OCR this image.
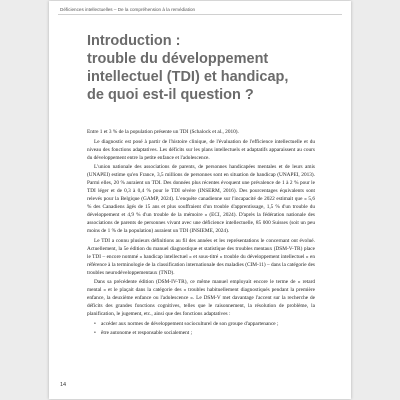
Déficiences intellectuelles – De la compréhension à la remédiation
Introduction :
trouble du développement
intellectuel (TDI) et handicap,
de quoi est-il question ?

Entre 1 et 3 % de la population présente un TDI (Schalock et al., 2010).

Le diagnostic est posé à partir de l'histoire clinique, de l'évaluation de l'efficience intellectuelle et du niveau des fonctions adaptatives. Les déficits sur les plans intellectuels et adaptatifs apparaissent au cours du développement entre la petite enfance et l'adolescence.

L'union nationale des associations de parents, de personnes handicapées mentales et de leurs amis (UNAPEI) estime qu'en France, 3,5 millions de personnes sont en situation de handicap (UNAPEI, 2013). Parmi elles, 20 % auraient un TDI. Des données plus récentes évoquent une prévalence de 1 à 2 % pour le TDI léger et de 0,3 à 0,4 % pour le TDI sévère (INSERM, 2016). Des pourcentages équivalents sont relevés pour la Belgique (GAMP, 2024). L'enquête canadienne sur l'incapacité de 2022 estimait que « 5,6 % des Canadiens âgés de 15 ans et plus souffraient d'un trouble d'apprentissage, 1,5 % d'un trouble du développement et 4,9 % d'un trouble de la mémoire » (ECI, 2024). D'après la fédération nationale des associations de parents de personnes vivant avec une déficience intellectuelle, 85 000 Suisses (soit un peu moins de 1 % de la population) auraient un TDI (INSIEME, 2024).

Le TDI a connu plusieurs définitions au fil des années et les représentations le concernant ont évolué. Actuellement, la 5e édition du manuel diagnostique et statistique des troubles mentaux (DSM-V-TR) place le TDI – encore nommé « handicap intellectuel » et sous-titré « trouble du développement intellectuel » en référence à la terminologie de la classification internationale des maladies (CIM-11) – dans la catégorie des troubles neurodéveloppementaux (TND).

Dans sa précédente édition (DSM-IV-TR), ce même manuel employait encore le terme de « retard mental » et le plaçait dans la catégorie des « troubles habituellement diagnostiqués pendant la première enfance, la deuxième enfance ou l'adolescence ». Le DSM-V met davantage l'accent sur la recherche de déficits des grandes fonctions cognitives, telles que le raisonnement, la résolution de problème, la planification, le jugement, etc., ainsi que des fonctions adaptatives :

• accéder aux normes de développement socioculturel de son groupe d'appartenance ;
• être autonome et responsable socialement ;
14
